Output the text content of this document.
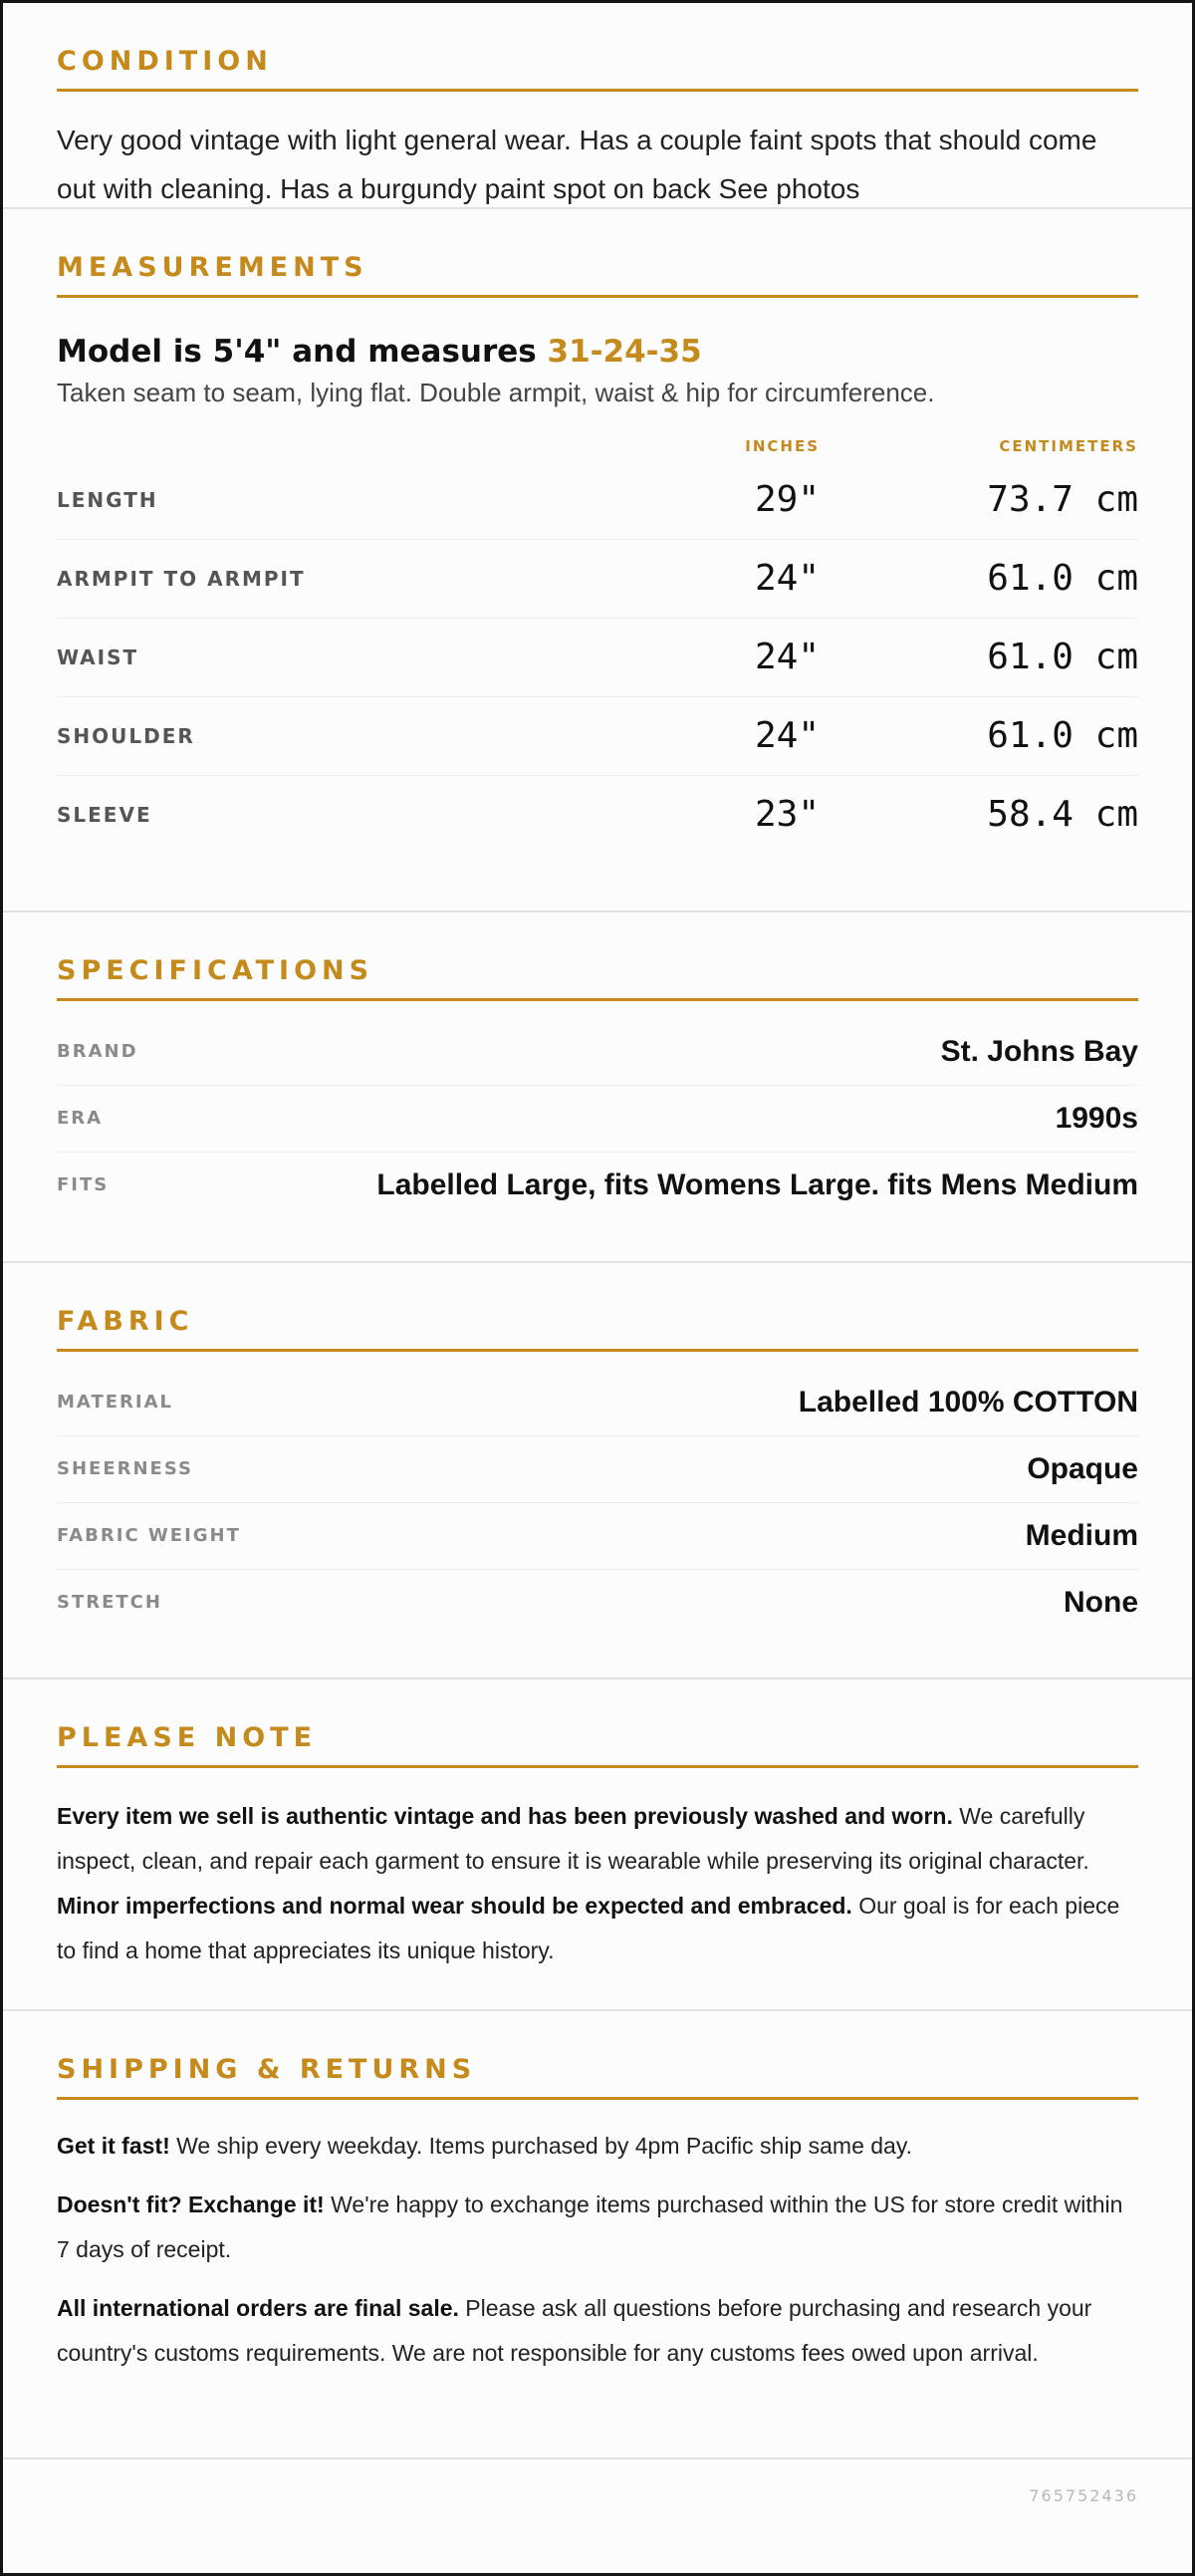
CONDITION
Very good vintage with light general wear. Has a couple faint spots that should come out with cleaning. Has a burgundy paint spot on back See photos
MEASUREMENTS
Model is 5'4" and measures 31-24-35
Taken seam to seam, lying flat. Double armpit, waist & hip for circumference.
INCHES	CENTIMETERS
LENGTH	29"	73.7 cm
ARMPIT TO ARMPIT	24"	61.0 cm
WAIST	24"	61.0 cm
SHOULDER	24"	61.0 cm
SLEEVE	23"	58.4 cm
SPECIFICATIONS
BRAND	St. Johns Bay
ERA	1990s
FITS	Labelled Large, fits Womens Large. fits Mens Medium
FABRIC
MATERIAL	Labelled 100% COTTON
SHEERNESS	Opaque
FABRIC WEIGHT	Medium
STRETCH	None
PLEASE NOTE
Every item we sell is authentic vintage and has been previously washed and worn. We carefully inspect, clean, and repair each garment to ensure it is wearable while preserving its original character. Minor imperfections and normal wear should be expected and embraced. Our goal is for each piece to find a home that appreciates its unique history.
SHIPPING & RETURNS

Get it fast! We ship every weekday. Items purchased by 4pm Pacific ship same day.

Doesn't fit? Exchange it! We're happy to exchange items purchased within the US for store credit within 7 days of receipt.

All international orders are final sale. Please ask all questions before purchasing and research your country's customs requirements. We are not responsible for any customs fees owed upon arrival.

765752436
